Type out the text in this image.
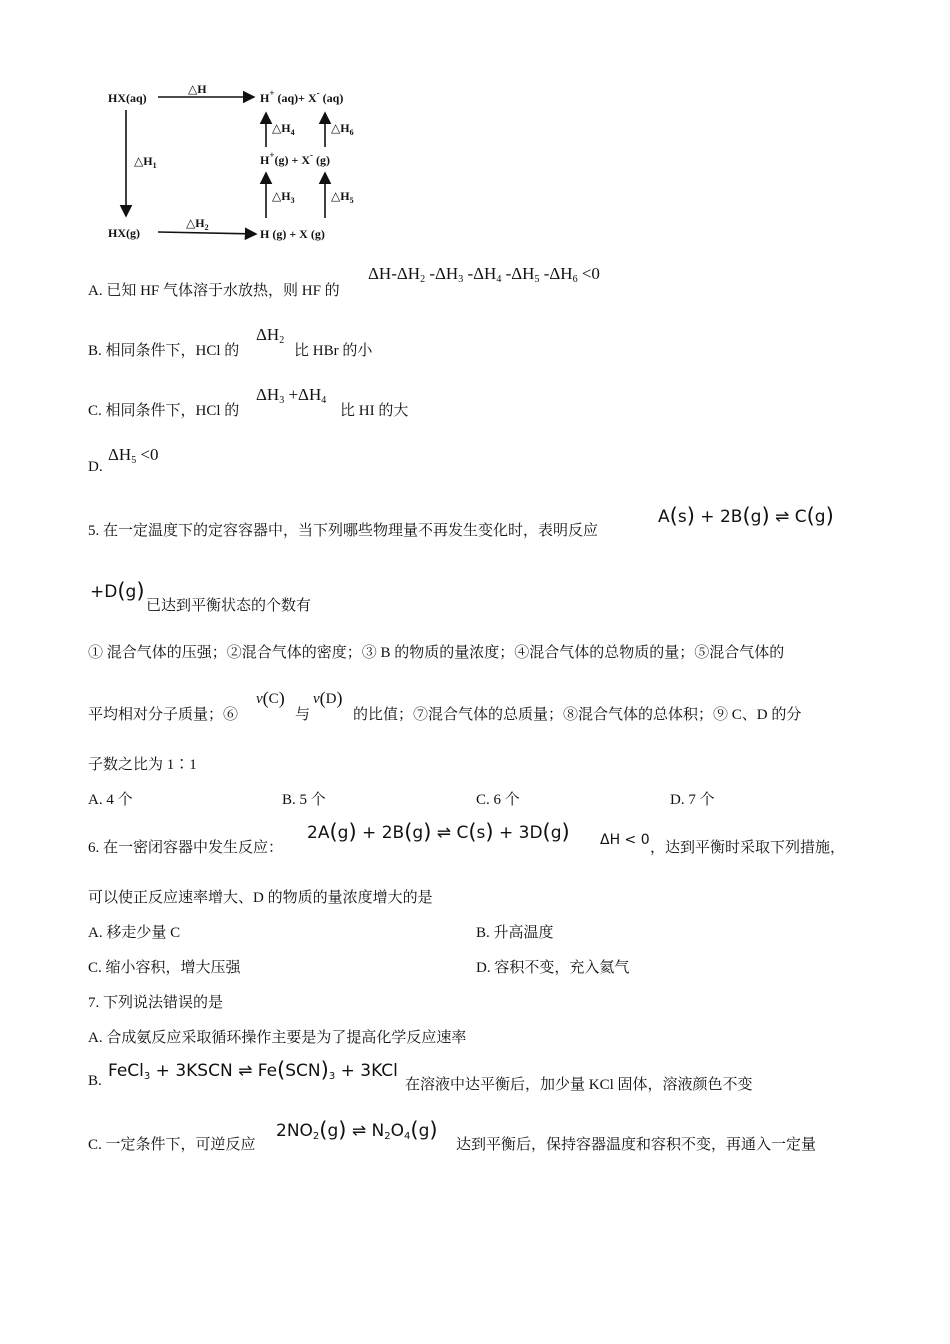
HX(aq)
△H
H+ (aq)+ X- (aq)
$\triangle H_1$
$\triangle H_4$	$\triangle H_6$
H+(g) + X- (g)
$\triangle H_3$	$\triangle H_5$
HX(g)
$\triangle H_2$	H (g) + X (g)
A. 已知 HF 气体溶于水放热，则 HF 的
$\Delta H-\Delta H_2$ $-\Delta H_3$ $-\Delta H_4$ $-\Delta H_5$ $-\Delta H_6 <0$
B. 相同条件下，HCl 的
$\Delta H_2$
比 HBr 的小
C. 相同条件下，HCl 的
$\Delta H_3 +\Delta H_4$
比 HI 的大
D.
$\Delta H_5 <0$
5. 在一定温度下的定容容器中，当下列哪些物理量不再发生变化时，表明反应
A(s) + 2B(g) ⇌ C(g)
+D(g)
已达到平衡状态的个数有
① 混合气体的压强；②混合气体的密度；③ B 的物质的量浓度；④混合气体的总物质的量；⑤混合气体的
平均相对分子质量；⑥
v(C)
与
v(D)
的比值；⑦混合气体的总质量；⑧混合气体的总体积；⑨ C、D 的分
子数之比为 1∶1
A. 4 个	B. 5 个	C. 6 个	D. 7 个
6. 在一密闭容器中发生反应：
2A(g) + 2B(g) ⇌ C(s) + 3D(g) ΔH < 0 ，达到平衡时采取下列措施，
可以使正反应速率增大、D 的物质的量浓度增大的是
A. 移走少量 C	B. 升高温度
C. 缩小容积，增大压强	D. 容积不变，充入氦气
7. 下列说法错误的是
A. 合成氨反应采取循环操作主要是为了提高化学反应速率
B. FeCl$_3$ + 3KSCN ⇌ $Fe(SCN)_3 + 3KCl$
在溶液中达平衡后，加少量 KCl 固体，溶液颜色不变
C. 一定条件下，可逆反应
$2NO_2(g)$ ⇌ $N_2O_4(g)$
达到平衡后，保持容器温度和容积不变，再通入一定量
